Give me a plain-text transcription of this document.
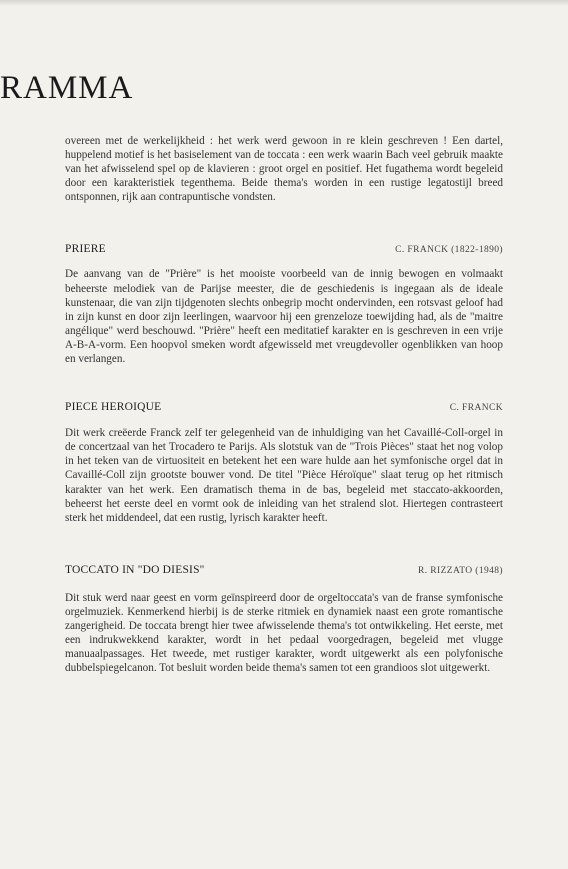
RAMMA

overeen met de werkelijkheid : het werk werd gewoon in re klein geschreven ! Een dartel, huppelend motief is het basiselement van de toccata : een werk waarin Bach veel gebruik maakte van het afwisselend spel op de klavieren : groot orgel en positief. Het fugathema wordt begeleid door een karakteristiek tegenthema. Beide thema's worden in een rustige legatostijl breed ontsponnen, rijk aan contrapuntische vondsten.

PRIERE	C. FRANCK (1822-1890)

De aanvang van de "Prière" is het mooiste voorbeeld van de innig bewogen en volmaakt beheerste melodiek van de Parijse meester, die de geschiedenis is ingegaan als de ideale kunstenaar, die van zijn tijdgenoten slechts onbegrip mocht ondervinden, een rotsvast geloof had in zijn kunst en door zijn leerlingen, waarvoor hij een grenzeloze toewijding had, als de "maitre angélique" werd beschouwd. "Prière" heeft een meditatief karakter en is geschreven in een vrije A-B-A-vorm. Een hoopvol smeken wordt afgewisseld met vreugdevoller ogenblikken van hoop en verlangen.

PIECE HEROIQUE	C. FRANCK

Dit werk creëerde Franck zelf ter gelegenheid van de inhuldiging van het Cavaillé-Coll-orgel in de concertzaal van het Trocadero te Parijs. Als slotstuk van de "Trois Pièces" staat het nog volop in het teken van de virtuositeit en betekent het een ware hulde aan het symfonische orgel dat in Cavaillé-Coll zijn grootste bouwer vond. De titel "Pièce Héroïque" slaat terug op het ritmisch karakter van het werk. Een dramatisch thema in de bas, begeleid met staccato-akkoorden, beheerst het eerste deel en vormt ook de inleiding van het stralend slot. Hiertegen contrasteert sterk het middendeel, dat een rustig, lyrisch karakter heeft.

TOCCATO IN "DO DIESIS"	R. RIZZATO (1948)

Dit stuk werd naar geest en vorm geïnspireerd door de orgeltoccata's van de franse symfonische orgelmuziek. Kenmerkend hierbij is de sterke ritmiek en dynamiek naast een grote romantische zangerigheid. De toccata brengt hier twee afwisselende thema's tot ontwikkeling. Het eerste, met een indrukwekkend karakter, wordt in het pedaal voorgedragen, begeleid met vlugge manuaalpassages. Het tweede, met rustiger karakter, wordt uitgewerkt als een polyfonische dubbelspiegelcanon. Tot besluit worden beide thema's samen tot een grandioos slot uitgewerkt.
